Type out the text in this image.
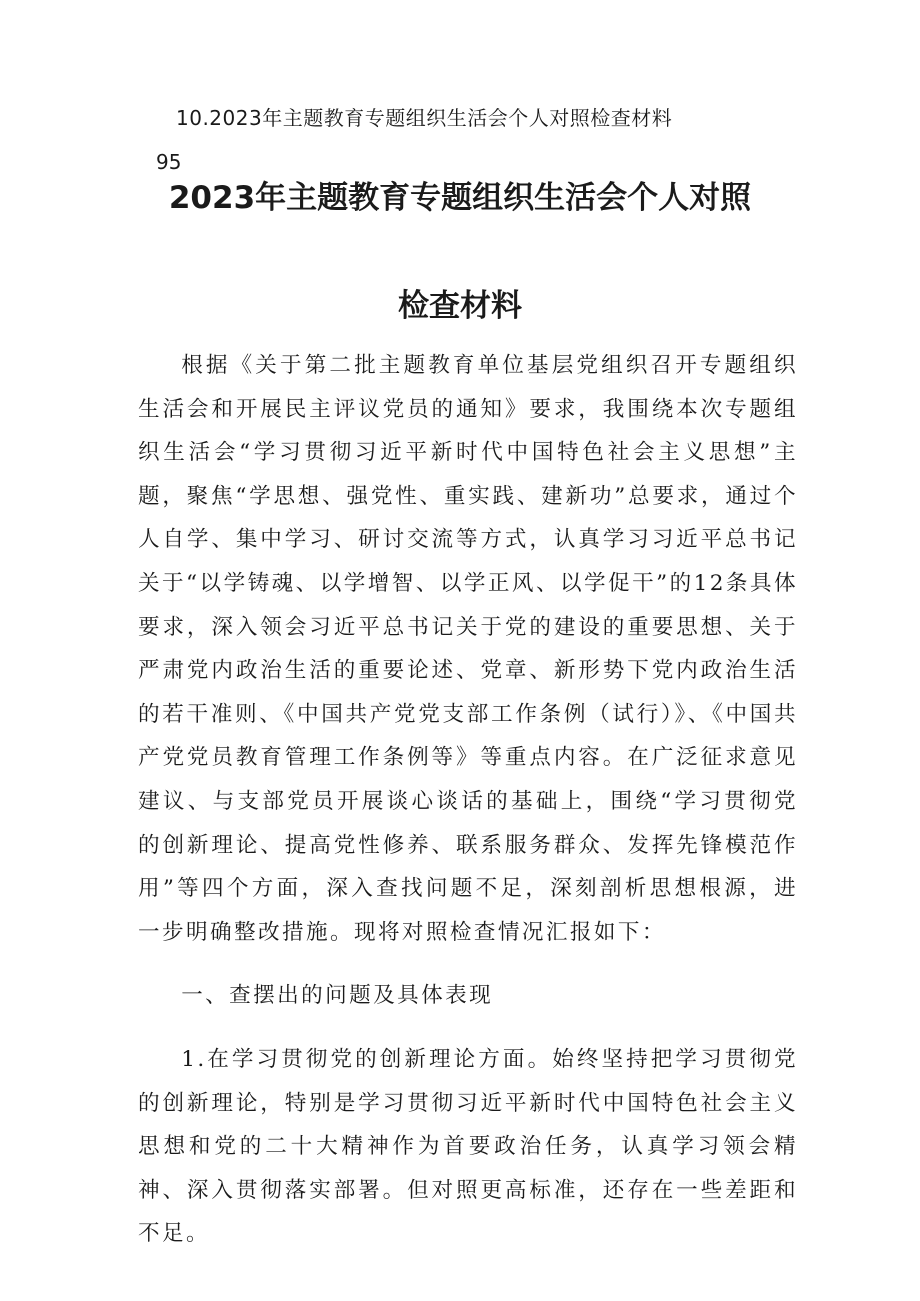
10.2023年主题教育专题组织生活会个人对照检查材料
95
2023年主题教育专题组织生活会个人对照
检查材料

根据《关于第二批主题教育单位基层党组织召开专题组织生活会和开展民主评议党员的通知》要求，我围绕本次专题组织生活会“学习贯彻习近平新时代中国特色社会主义思想”主题，聚焦“学思想、强党性、重实践、建新功”总要求，通过个人自学、集中学习、研讨交流等方式，认真学习习近平总书记关于“以学铸魂、以学增智、以学正风、以学促干”的12条具体要求，深入领会习近平总书记关于党的建设的重要思想、关于严肃党内政治生活的重要论述、党章、新形势下党内政治生活的若干准则、《中国共产党党支部工作条例（试行）》、《中国共产党党员教育管理工作条例等》等重点内容。在广泛征求意见建议、与支部党员开展谈心谈话的基础上，围绕“学习贯彻党的创新理论、提高党性修养、联系服务群众、发挥先锋模范作用”等四个方面，深入查找问题不足，深刻剖析思想根源，进一步明确整改措施。现将对照检查情况汇报如下：

一、查摆出的问题及具体表现

1.在学习贯彻党的创新理论方面。始终坚持把学习贯彻党的创新理论，特别是学习贯彻习近平新时代中国特色社会主义思想和党的二十大精神作为首要政治任务，认真学习领会精神、深入贯彻落实部署。但对照更高标准，还存在一些差距和不足。
